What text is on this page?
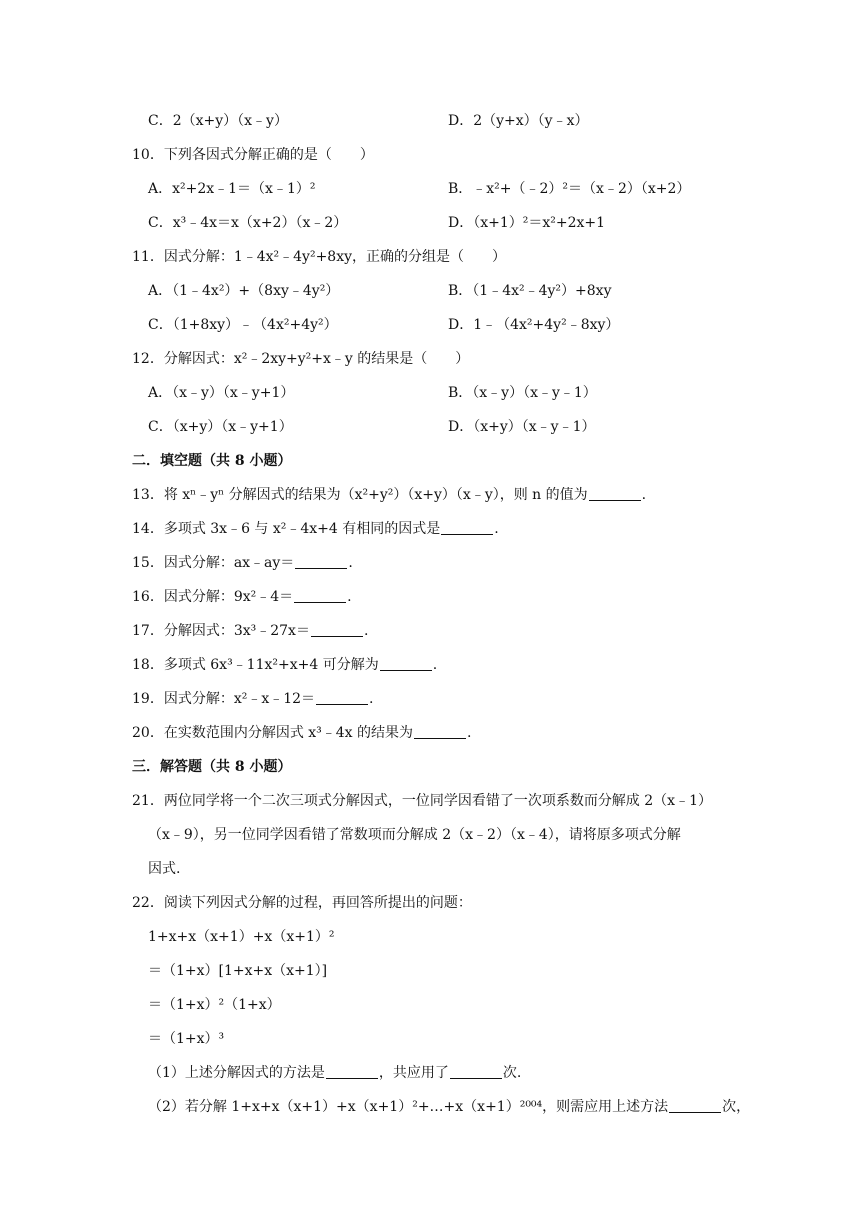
C．2（x+y）（x﹣y）	D．2（y+x）（y﹣x）
10．下列各因式分解正确的是（　　）
A．x²+2x﹣1＝（x﹣1）²	B．﹣x²+（﹣2）²＝（x﹣2）（x+2）
C．x³﹣4x＝x（x+2）（x﹣2）	D．（x+1）²＝x²+2x+1
11．因式分解：1﹣4x²﹣4y²+8xy，正确的分组是（　　）
A．（1﹣4x²）+（8xy﹣4y²）	B．（1﹣4x²﹣4y²）+8xy
C．（1+8xy）﹣（4x²+4y²）	D．1﹣（4x²+4y²﹣8xy）
12．分解因式：x²﹣2xy+y²+x﹣y 的结果是（　　）
A．（x﹣y）（x﹣y+1）	B．（x﹣y）（x﹣y﹣1）
C．（x+y）（x﹣y+1）	D．（x+y）（x﹣y﹣1）
二．填空题（共 8 小题）
13．将 xⁿ﹣yⁿ 分解因式的结果为（x²+y²）（x+y）（x﹣y），则 n 的值为	.
14．多项式 3x﹣6 与 x²﹣4x+4 有相同的因式是	.
15．因式分解：ax﹣ay＝	.
16．因式分解：9x²﹣4＝	.
17．分解因式：3x³﹣27x＝	.
18．多项式 6x³﹣11x²+x+4 可分解为	.
19．因式分解：x²﹣x﹣12＝	.
20．在实数范围内分解因式 x³﹣4x 的结果为	.
三．解答题（共 8 小题）
21．两位同学将一个二次三项式分解因式，一位同学因看错了一次项系数而分解成 2（x﹣1）
（x﹣9），另一位同学因看错了常数项而分解成 2（x﹣2）（x﹣4），请将原多项式分解
因式.
22．阅读下列因式分解的过程，再回答所提出的问题：
1+x+x（x+1）+x（x+1）²
＝（1+x）[1+x+x（x+1）]
＝（1+x）²（1+x）
＝（1+x）³
（1）上述分解因式的方法是	，共应用了	次.
（2）若分解 1+x+x（x+1）+x（x+1）²+…+x（x+1）²⁰⁰⁴，则需应用上述方法	次，
